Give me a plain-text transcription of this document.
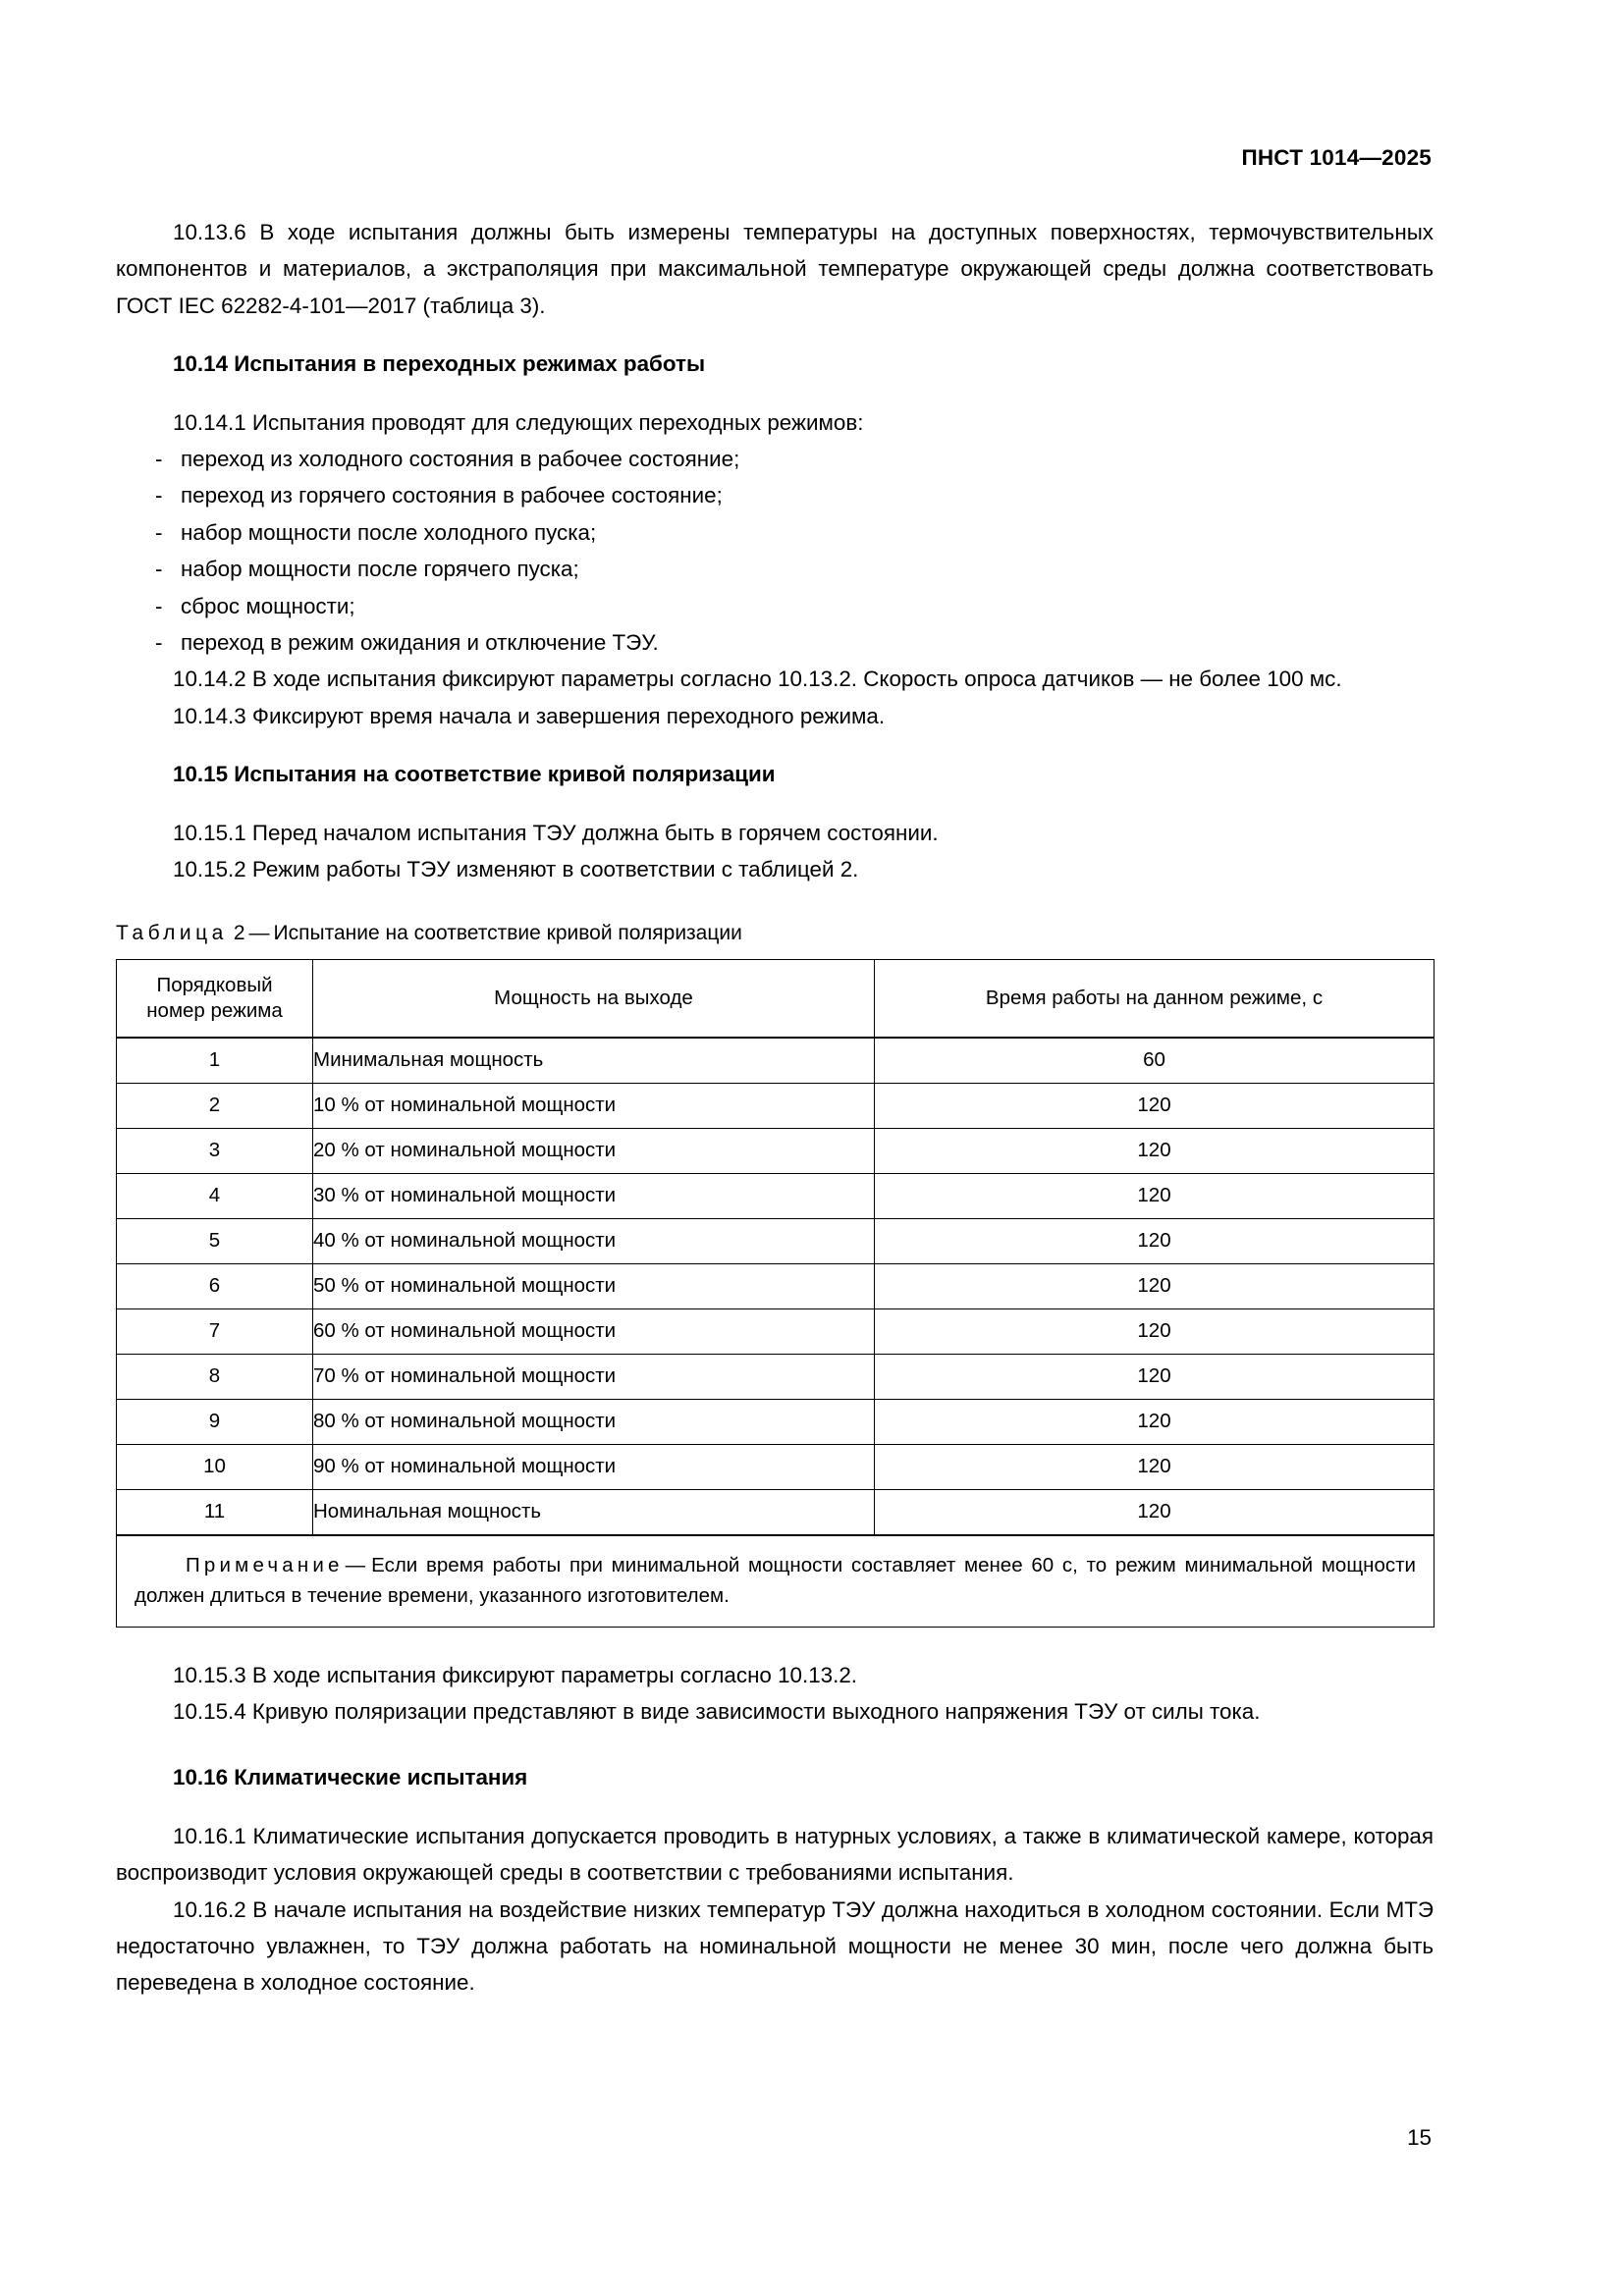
ПНСТ 1014—2025

10.13.6 В ходе испытания должны быть измерены температуры на доступных поверхностях, термочувствительных компонентов и материалов, а экстраполяция при максимальной температуре окружающей среды должна соответствовать ГОСТ IEC 62282-4-101—2017 (таблица 3).

10.14 Испытания в переходных режимах работы

10.14.1 Испытания проводят для следующих переходных режимов:

- переход из холодного состояния в рабочее состояние;
- переход из горячего состояния в рабочее состояние;
- набор мощности после холодного пуска;
- набор мощности после горячего пуска;
- сброс мощности;
- переход в режим ожидания и отключение ТЭУ.

10.14.2 В ходе испытания фиксируют параметры согласно 10.13.2. Скорость опроса датчиков — не более 100 мс.

10.14.3 Фиксируют время начала и завершения переходного режима.

10.15 Испытания на соответствие кривой поляризации

10.15.1 Перед началом испытания ТЭУ должна быть в горячем состоянии.

10.15.2 Режим работы ТЭУ изменяют в соответствии с таблицей 2.

Таблица 2 — Испытание на соответствие кривой поляризации

Порядковый
номер режима	Мощность на выходе	Время работы на данном режиме, с
1	Минимальная мощность	60
2	10 % от номинальной мощности	120
3	20 % от номинальной мощности	120
4	30 % от номинальной мощности	120
5	40 % от номинальной мощности	120
6	50 % от номинальной мощности	120
7	60 % от номинальной мощности	120
8	70 % от номинальной мощности	120
9	80 % от номинальной мощности	120
10	90 % от номинальной мощности	120
11	Номинальная мощность	120
Примечание— Если время работы при минимальной мощности составляет менее 60 с, то режим минимальной мощности должен длиться в течение времени, указанного изготовителем.		

10.15.3 В ходе испытания фиксируют параметры согласно 10.13.2.

10.15.4 Кривую поляризации представляют в виде зависимости выходного напряжения ТЭУ от силы тока.

10.16 Климатические испытания

10.16.1 Климатические испытания допускается проводить в натурных условиях, а также в климатической камере, которая воспроизводит условия окружающей среды в соответствии с требованиями испытания.

10.16.2 В начале испытания на воздействие низких температур ТЭУ должна находиться в холодном состоянии. Если МТЭ недостаточно увлажнен, то ТЭУ должна работать на номинальной мощности не менее 30 мин, после чего должна быть переведена в холодное состояние.

15
